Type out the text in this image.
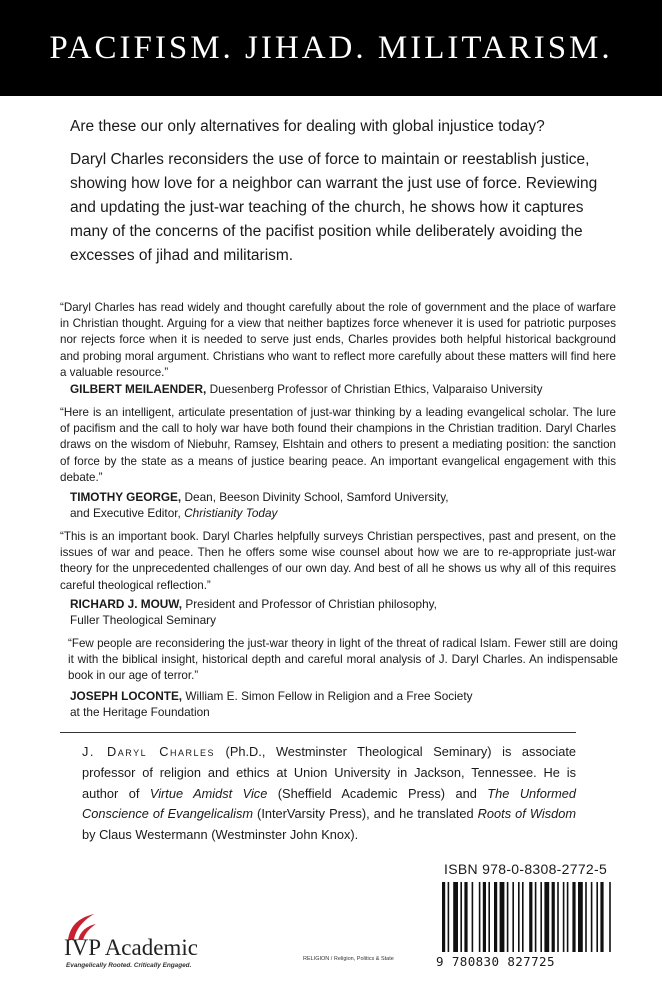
PACIFISM. JIHAD. MILITARISM.

Are these our only alternatives for dealing with global injustice today?

Daryl Charles reconsiders the use of force to maintain or reestablish justice, showing how love for a neighbor can warrant the just use of force. Reviewing and updating the just-war teaching of the church, he shows how it captures many of the concerns of the pacifist position while deliberately avoiding the excesses of jihad and militarism.

“Daryl Charles has read widely and thought carefully about the role of government and the place of warfare in Christian thought. Arguing for a view that neither baptizes force whenever it is used for patriotic purposes nor rejects force when it is needed to serve just ends, Charles provides both helpful historical background and probing moral argument. Christians who want to reflect more carefully about these matters will find here a valuable resource.”

GILBERT MEILAENDER, Duesenberg Professor of Christian Ethics, Valparaiso University

“Here is an intelligent, articulate presentation of just-war thinking by a leading evangelical scholar. The lure of pacifism and the call to holy war have both found their champions in the Christian tradition. Daryl Charles draws on the wisdom of Niebuhr, Ramsey, Elshtain and others to present a mediating position: the sanction of force by the state as a means of justice bearing peace. An important evangelical engagement with this debate.”

TIMOTHY GEORGE, Dean, Beeson Divinity School, Samford University,
and Executive Editor, Christianity Today

“This is an important book. Daryl Charles helpfully surveys Christian perspectives, past and present, on the issues of war and peace. Then he offers some wise counsel about how we are to re-appropriate just-war theory for the unprecedented challenges of our own day. And best of all he shows us why all of this requires careful theological reflection.”

RICHARD J. MOUW, President and Professor of Christian philosophy,
Fuller Theological Seminary

“Few people are reconsidering the just-war theory in light of the threat of radical Islam. Fewer still are doing it with the biblical insight, historical depth and careful moral analysis of J. Daryl Charles. An indispensable book in our age of terror.”

JOSEPH LOCONTE, William E. Simon Fellow in Religion and a Free Society
at the Heritage Foundation

J. Daryl Charles (Ph.D., Westminster Theological Seminary) is associate professor of religion and ethics at Union University in Jackson, Tennessee. He is author of Virtue Amidst Vice (Sheffield Academic Press) and The Unformed Conscience of Evangelicalism (InterVarsity Press), and he translated Roots of Wisdom by Claus Westermann (Westminster John Knox).

IVP Academic
Evangelically Rooted. Critically Engaged.
RELIGION / Religion, Politics & State
ISBN 978-0-8308-2772-5
9 780830 827725
